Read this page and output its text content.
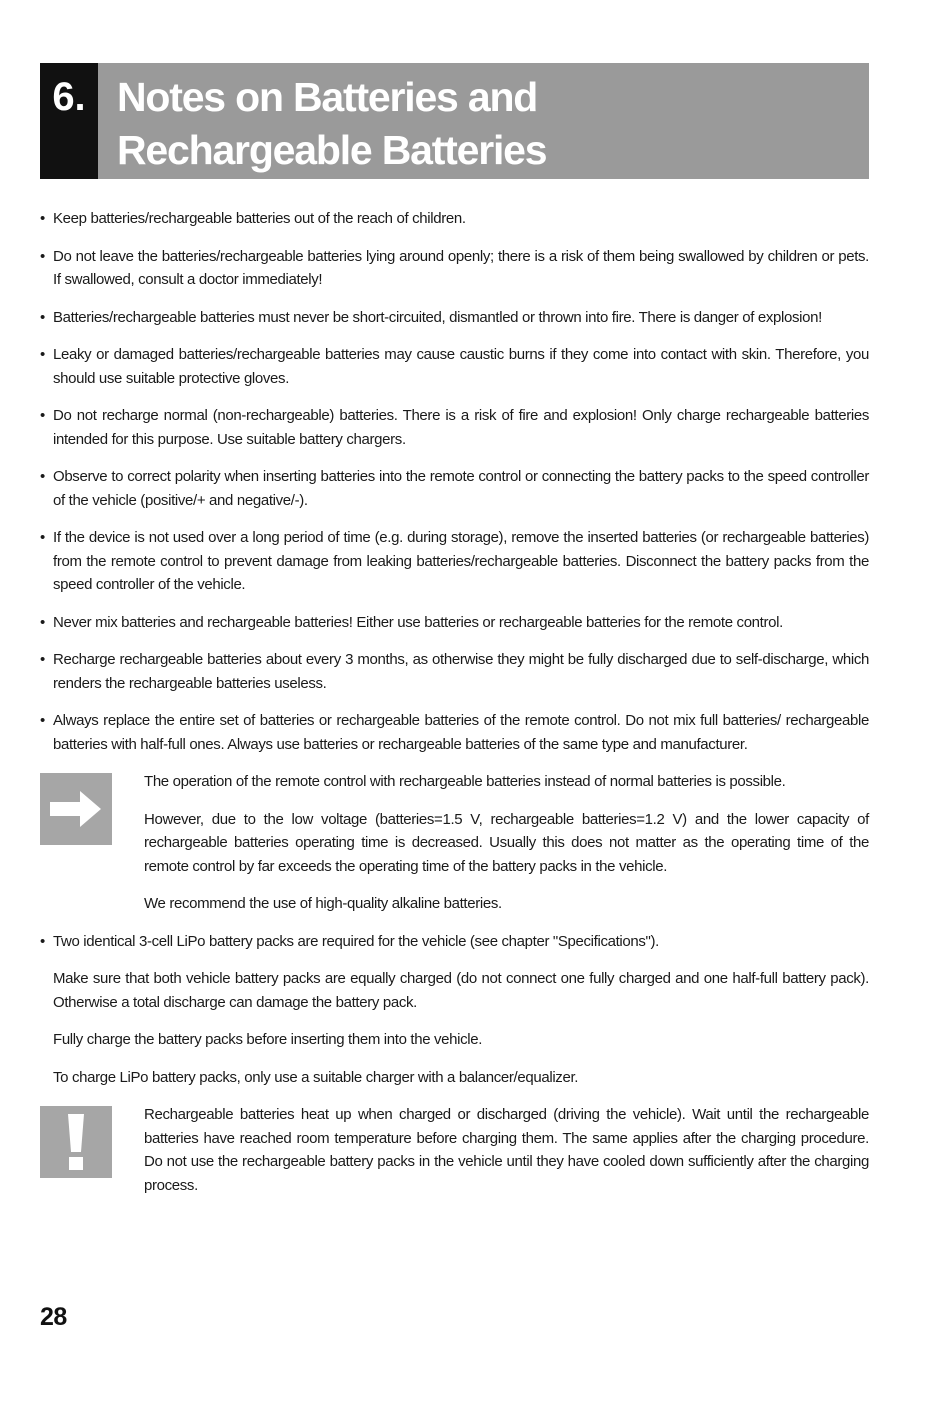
6. Notes on Batteries and
Rechargeable Batteries
• Keep batteries/rechargeable batteries out of the reach of children.
• Do not leave the batteries/rechargeable batteries lying around openly; there is a risk of them being swallowed by children or pets. If swallowed, consult a doctor immediately!
• Batteries/rechargeable batteries must never be short-circuited, dismantled or thrown into fire. There is danger of explosion!
• Leaky or damaged batteries/rechargeable batteries may cause caustic burns if they come into contact with skin. Therefore, you should use suitable protective gloves.
• Do not recharge normal (non-rechargeable) batteries. There is a risk of fire and explosion! Only charge rechargeable batteries intended for this purpose. Use suitable battery chargers.
• Observe to correct polarity when inserting batteries into the remote control or connecting the battery packs to the speed controller of the vehicle (positive/+ and negative/-).
• If the device is not used over a long period of time (e.g. during storage), remove the inserted batteries (or rechargeable batteries) from the remote control to prevent damage from leaking batteries/rechargeable batteries. Disconnect the battery packs from the speed controller of the vehicle.
• Never mix batteries and rechargeable batteries! Either use batteries or rechargeable batteries for the remote control.
• Recharge rechargeable batteries about every 3 months, as otherwise they might be fully discharged due to self-discharge, which renders the rechargeable batteries useless.
• Always replace the entire set of batteries or rechargeable batteries of the remote control. Do not mix full batteries/ rechargeable batteries with half-full ones. Always use batteries or rechargeable batteries of the same type and manufacturer.

The operation of the remote control with rechargeable batteries instead of normal batteries is possible.

However, due to the low voltage (batteries=1.5 V, rechargeable batteries=1.2 V) and the lower capacity of rechargeable batteries operating time is decreased. Usually this does not matter as the operating time of the remote control by far exceeds the operating time of the battery packs in the vehicle.

We recommend the use of high-quality alkaline batteries.

• Two identical 3-cell LiPo battery packs are required for the vehicle (see chapter "Specifications").
Make sure that both vehicle battery packs are equally charged (do not connect one fully charged and one half-full battery pack). Otherwise a total discharge can damage the battery pack.
Fully charge the battery packs before inserting them into the vehicle.
To charge LiPo battery packs, only use a suitable charger with a balancer/equalizer.

Rechargeable batteries heat up when charged or discharged (driving the vehicle). Wait until the rechargeable batteries have reached room temperature before charging them. The same applies after the charging procedure. Do not use the rechargeable battery packs in the vehicle until they have cooled down sufficiently after the charging process.

28
